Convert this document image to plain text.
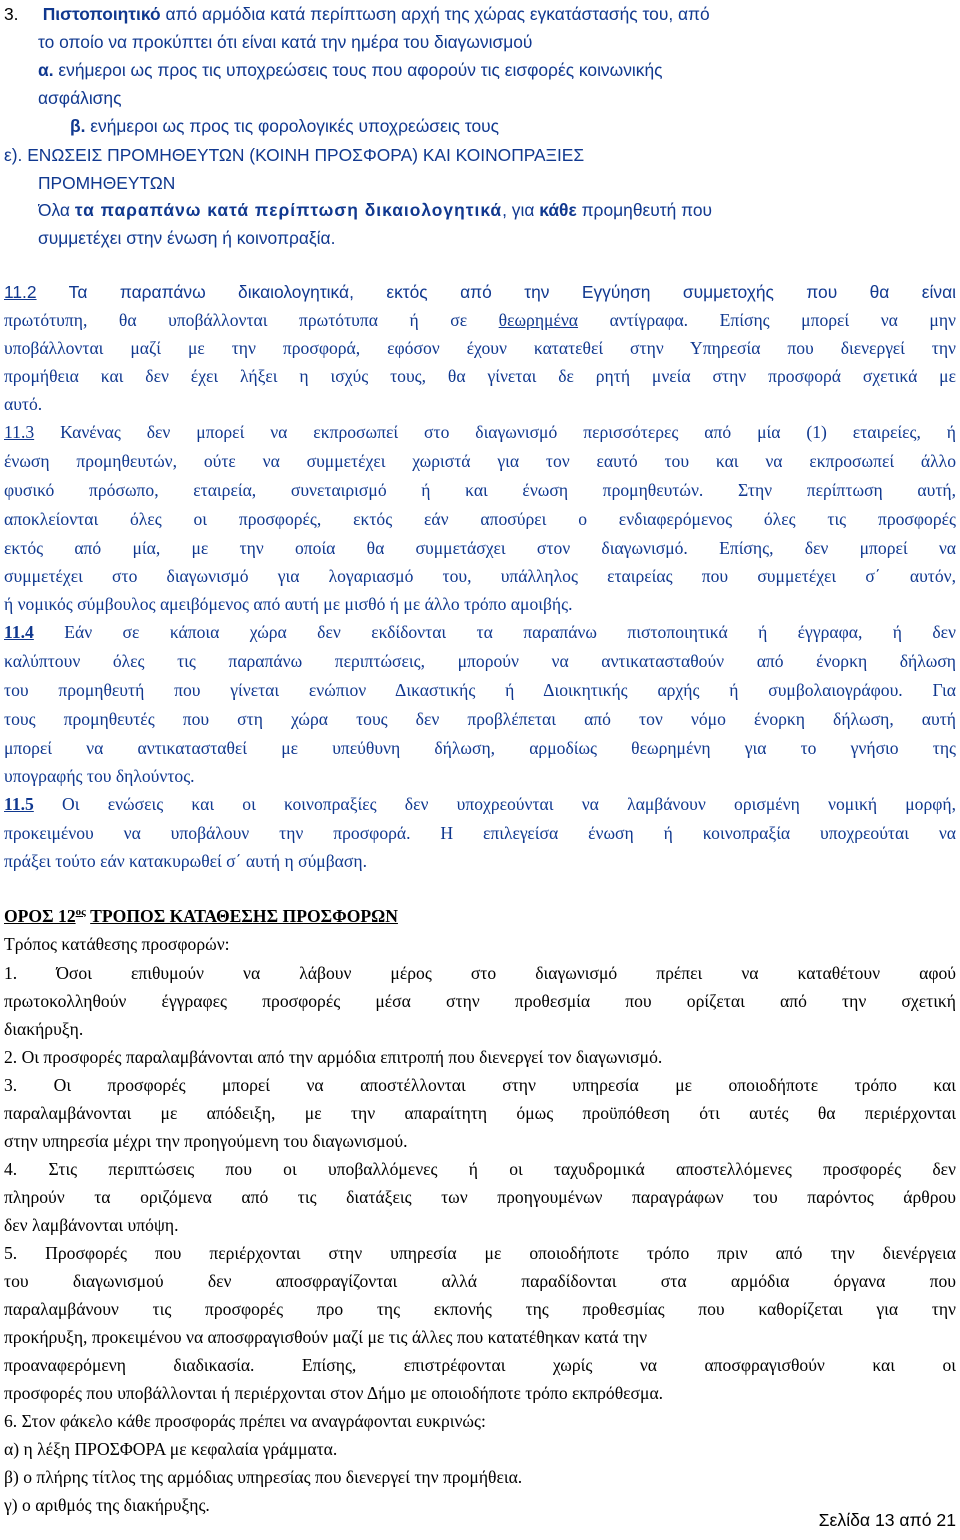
3. Πιστοποιητικό από αρμόδια κατά περίπτωση αρχή της χώρας εγκατάστασής του, από
το οποίο να προκύπτει ότι είναι κατά την ημέρα του διαγωνισμού
α. ενήμεροι ως προς τις υποχρεώσεις τους που αφορούν τις εισφορές κοινωνικής
ασφάλισης
β. ενήμεροι ως προς τις φορολογικές υποχρεώσεις τους
ε). ΕΝΩΣΕΙΣ ΠΡΟΜΗΘΕΥΤΩΝ (ΚΟΙΝΗ ΠΡΟΣΦΟΡΑ) ΚΑΙ ΚΟΙΝΟΠΡΑΞΙΕΣ
ΠΡΟΜΗΘΕΥΤΩΝ
Όλα τα παραπάνω κατά περίπτωση δικαιολογητικά, για κάθε προμηθευτή που
συμμετέχει στην ένωση ή κοινοπραξία.
11.2 Τα παραπάνω δικαιολογητικά, εκτός από την Εγγύηση συμμετοχής που θα είναι
πρωτότυπη, θα υποβάλλονται πρωτότυπα ή σε θεωρημένα αντίγραφα. Επίσης μπορεί να μην
υποβάλλονται μαζί με την προσφορά, εφόσον έχουν κατατεθεί στην Υπηρεσία που διενεργεί την
προμήθεια και δεν έχει λήξει η ισχύς τους, θα γίνεται δε ρητή μνεία στην προσφορά σχετικά με
αυτό.
11.3 Κανένας δεν μπορεί να εκπροσωπεί στο διαγωνισμό περισσότερες από μία (1) εταιρείες, ή
ένωση προμηθευτών, ούτε να συμμετέχει χωριστά για τον εαυτό του και να εκπροσωπεί άλλο
φυσικό πρόσωπο, εταιρεία, συνεταιρισμό ή και ένωση προμηθευτών. Στην περίπτωση αυτή,
αποκλείονται όλες οι προσφορές, εκτός εάν αποσύρει ο ενδιαφερόμενος όλες τις προσφορές
εκτός από μία, με την οποία θα συμμετάσχει στον διαγωνισμό. Επίσης, δεν μπορεί να
συμμετέχει στο διαγωνισμό για λογαριασμό του, υπάλληλος εταιρείας που συμμετέχει σ΄ αυτόν,
ή νομικός σύμβουλος αμειβόμενος από αυτή με μισθό ή με άλλο τρόπο αμοιβής.
11.4 Εάν σε κάποια χώρα δεν εκδίδονται τα παραπάνω πιστοποιητικά ή έγγραφα, ή δεν
καλύπτουν όλες τις παραπάνω περιπτώσεις, μπορούν να αντικατασταθούν από ένορκη δήλωση
του προμηθευτή που γίνεται ενώπιον Δικαστικής ή Διοικητικής αρχής ή συμβολαιογράφου. Για
τους προμηθευτές που στη χώρα τους δεν προβλέπεται από τον νόμο ένορκη δήλωση, αυτή
μπορεί να αντικατασταθεί με υπεύθυνη δήλωση, αρμοδίως θεωρημένη για το γνήσιο της
υπογραφής του δηλούντος.
11.5 Οι ενώσεις και οι κοινοπραξίες δεν υποχρεούνται να λαμβάνουν ορισμένη νομική μορφή,
προκειμένου να υποβάλουν την προσφορά. Η επιλεγείσα ένωση ή κοινοπραξία υποχρεούται να
πράξει τούτο εάν κατακυρωθεί σ΄ αυτή η σύμβαση.
ΟΡΟΣ $12^{o\varsigma}$ ΤΡΟΠΟΣ ΚΑΤΑΘΕΣΗΣ ΠΡΟΣΦΟΡΩΝ
Τρόπος κατάθεσης προσφορών:
1. Όσοι επιθυμούν να λάβουν μέρος στο διαγωνισμό πρέπει να καταθέτουν αφού
πρωτοκολληθούν έγγραφες προσφορές μέσα στην προθεσμία που ορίζεται από την σχετική
διακήρυξη.
2. Οι προσφορές παραλαμβάνονται από την αρμόδια επιτροπή που διενεργεί τον διαγωνισμό.
3. Οι προσφορές μπορεί να αποστέλλονται στην υπηρεσία με οποιοδήποτε τρόπο και
παραλαμβάνονται με απόδειξη, με την απαραίτητη όμως προϋπόθεση ότι αυτές θα περιέρχονται
στην υπηρεσία μέχρι την προηγούμενη του διαγωνισμού.
4. Στις περιπτώσεις που οι υποβαλλόμενες ή οι ταχυδρομικά αποστελλόμενες προσφορές δεν
πληρούν τα οριζόμενα από τις διατάξεις των προηγουμένων παραγράφων του παρόντος άρθρου
δεν λαμβάνονται υπόψη.
5. Προσφορές που περιέρχονται στην υπηρεσία με οποιοδήποτε τρόπο πριν από την διενέργεια
του διαγωνισμού δεν αποσφραγίζονται αλλά παραδίδονται στα αρμόδια όργανα που
παραλαμβάνουν τις προσφορές προ της εκπονής της προθεσμίας που καθορίζεται για την
προκήρυξη, προκειμένου να αποσφραγισθούν μαζί με τις άλλες που κατατέθηκαν κατά την
προαναφερόμενη διαδικασία. Επίσης, επιστρέφονται χωρίς να αποσφραγισθούν και οι
προσφορές που υποβάλλονται ή περιέρχονται στον Δήμο με οποιοδήποτε τρόπο εκπρόθεσμα.
6. Στον φάκελο κάθε προσφοράς πρέπει να αναγράφονται ευκρινώς:
α) η λέξη ΠΡΟΣΦΟΡΑ με κεφαλαία γράμματα.
β) ο πλήρης τίτλος της αρμόδιας υπηρεσίας που διενεργεί την προμήθεια.
γ) ο αριθμός της διακήρυξης.
Σελίδα 13 από 21
